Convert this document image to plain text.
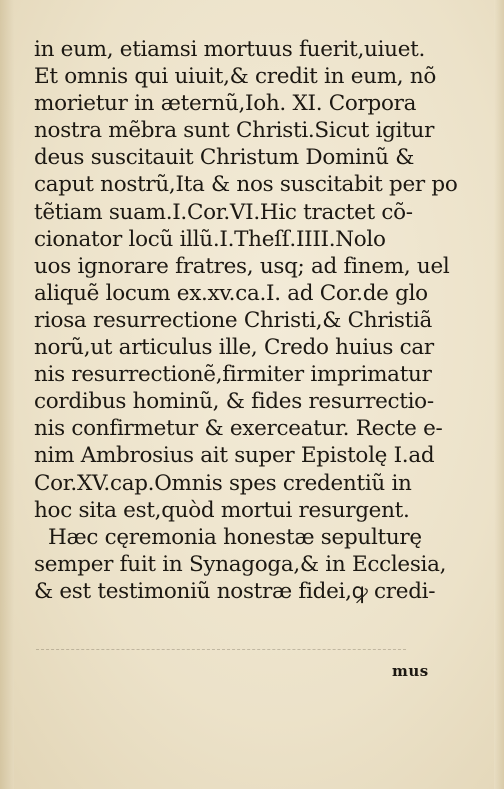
in eum, etiamsi mortuus fuerit,uiuet.
Et omnis qui uiuit,& credit in eum, nõ
morietur in æternũ,Ioh. XI. Corpora
nostra mẽbra sunt Christi.Sicut igitur
deus suscitauit Christum Dominũ &
caput nostrũ,Ita & nos suscitabit per po
tẽtiam suam.I.Cor.VI.Hic tractet cõ-
cionator locũ illũ.I.Theſſ.IIII.Nolo
uos ignorare fratres, usq; ad finem, uel
aliquẽ locum ex.xv.ca.I. ad Cor.de glo
riosa resurrectione Christi,& Christiã
norũ,ut articulus ille, Credo huius car
nis resurrectionẽ,firmiter imprimatur
cordibus hominũ, & fides resurrectio-
nis confirmetur & exerceatur. Recte e-
nim Ambrosius ait super Epistolę I.ad
Cor.XV.cap.Omnis spes credentiũ in
hoc sita est,quòd mortui resurgent.
Hæc cęremonia honestæ sepulturę
semper fuit in Synagoga,& in Ecclesia,
& est testimoniũ nostræ fidei,ꝙ credi-
mus
